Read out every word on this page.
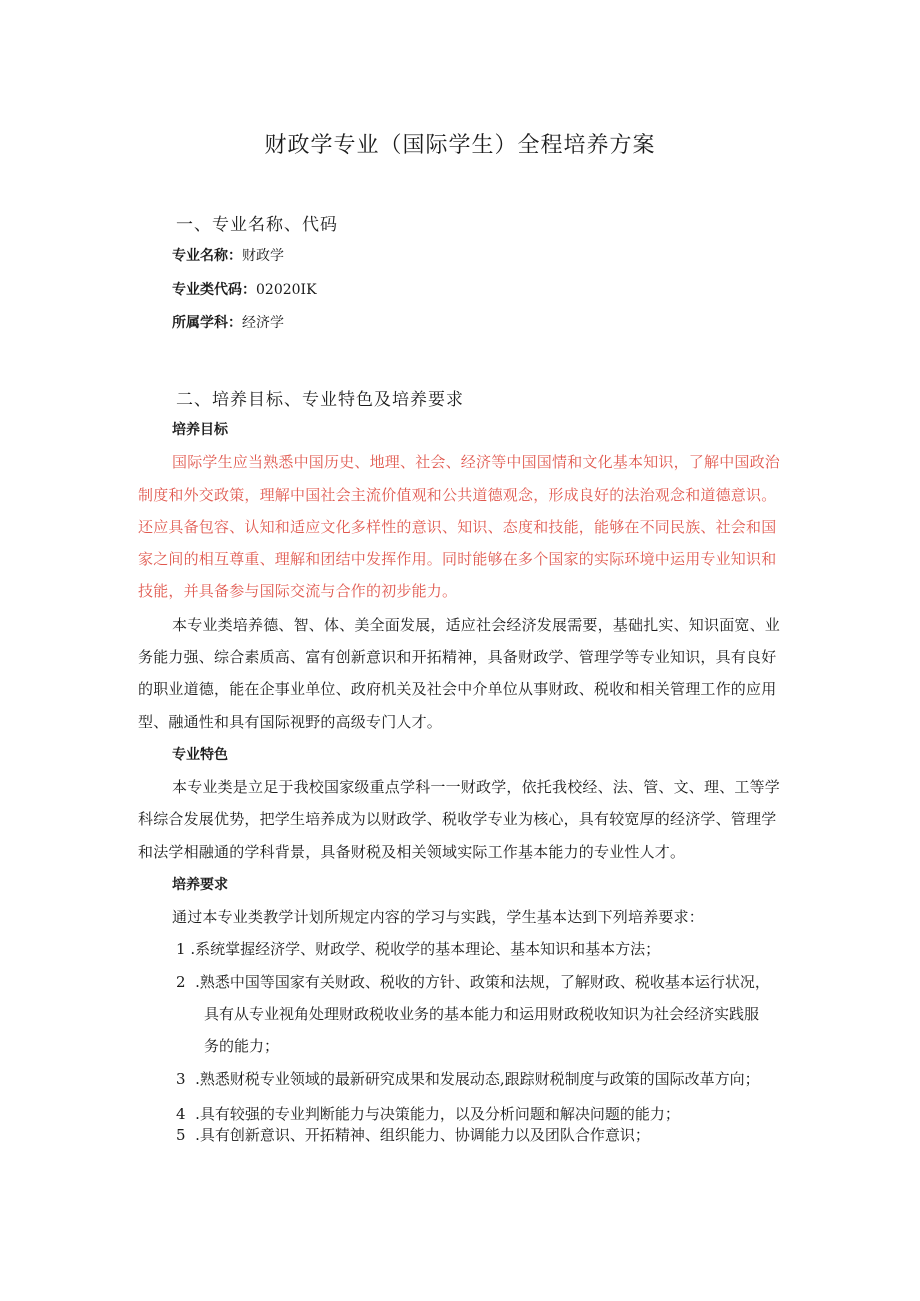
财政学专业（国际学生）全程培养方案
一、专业名称、代码
专业名称：财政学
专业类代码：02020IK
所属学科：经济学
二、培养目标、专业特色及培养要求
培养目标
国际学生应当熟悉中国历史、地理、社会、经济等中国国情和文化基本知识，了解中国政治
制度和外交政策，理解中国社会主流价值观和公共道德观念，形成良好的法治观念和道德意识。
还应具备包容、认知和适应文化多样性的意识、知识、态度和技能，能够在不同民族、社会和国
家之间的相互尊重、理解和团结中发挥作用。同时能够在多个国家的实际环境中运用专业知识和
技能，并具备参与国际交流与合作的初步能力。
本专业类培养德、智、体、美全面发展，适应社会经济发展需要，基础扎实、知识面宽、业
务能力强、综合素质高、富有创新意识和开拓精神，具备财政学、管理学等专业知识，具有良好
的职业道德，能在企事业单位、政府机关及社会中介单位从事财政、税收和相关管理工作的应用
型、融通性和具有国际视野的高级专门人才。
专业特色
本专业类是立足于我校国家级重点学科一一财政学，依托我校经、法、管、文、理、工等学
科综合发展优势，把学生培养成为以财政学、税收学专业为核心，具有较宽厚的经济学、管理学
和法学相融通的学科背景，具备财税及相关领域实际工作基本能力的专业性人才。
培养要求
通过本专业类教学计划所规定内容的学习与实践，学生基本达到下列培养要求：
1 .系统掌握经济学、财政学、税收学的基本理论、基本知识和基本方法；
2 .熟悉中国等国家有关财政、税收的方针、政策和法规，了解财政、税收基本运行状况，
具有从专业视角处理财政税收业务的基本能力和运用财政税收知识为社会经济实践服
务的能力；
3 .熟悉财税专业领域的最新研究成果和发展动态,跟踪财税制度与政策的国际改革方向；
4 .具有较强的专业判断能力与决策能力，以及分析问题和解决问题的能力；
5 .具有创新意识、开拓精神、组织能力、协调能力以及团队合作意识；
